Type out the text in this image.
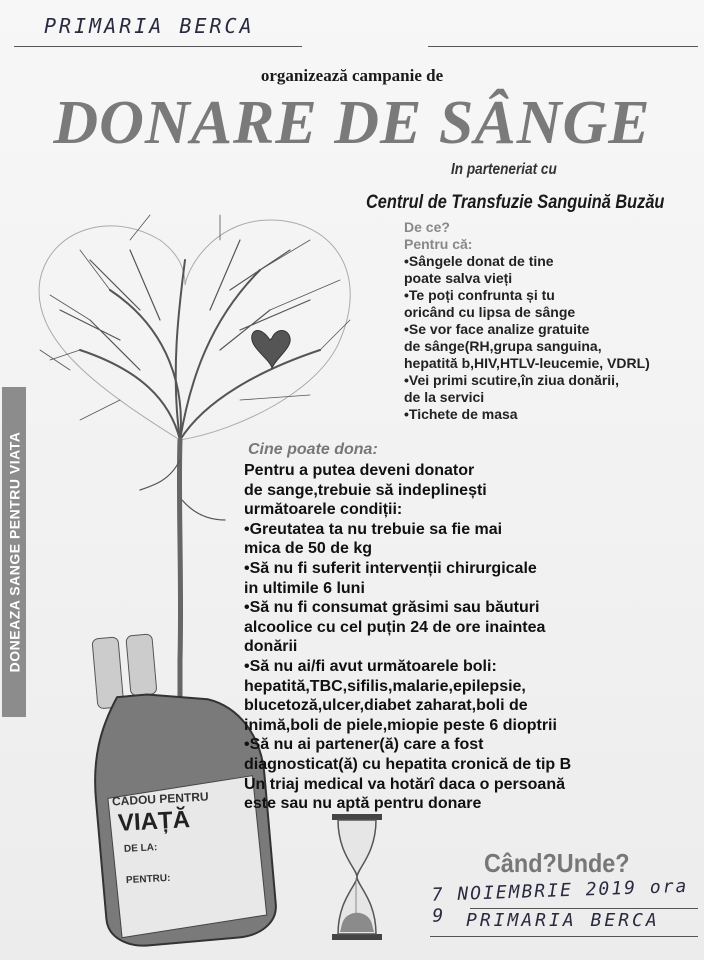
PRIMARIA BERCA
organizează campanie de
DONARE DE SÂNGE
In parteneriat cu
Centrul de Transfuzie Sanguină Buzău
CADOU PENTRU
VIAȚĂ
DE LA:
PENTRU:
De ce?
Pentru că:
•Sângele donat de tine
poate salva vieți
•Te poți confrunta și tu
oricând cu lipsa de sânge
•Se vor face analize gratuite
de sânge(RH,grupa sanguina,
hepatită b,HIV,HTLV-leucemie, VDRL)
•Vei primi scutire,în ziua donării,
de la servici
•Tichete de masa
Cine poate dona:
Pentru a putea deveni donator
de sange,trebuie să indeplinești
următoarele condiții:
•Greutatea ta nu trebuie sa fie mai
mica de 50 de kg
•Să nu fi suferit intervenții chirurgicale
in ultimile 6 luni
•Să nu fi consumat grăsimi sau băuturi
alcoolice cu cel puțin 24 de ore inaintea
donării
•Să nu ai/fi avut următoarele boli:
hepatită,TBC,sifilis,malarie,epilepsie,
blucetoză,ulcer,diabet zaharat,boli de
inimă,boli de piele,miopie peste 6 dioptrii
•Să nu ai partener(ă) care a fost
diagnosticat(ă) cu hepatita cronică de tip B
Un triaj medical va hotărî daca o persoană
este sau nu aptă pentru donare
DONEAZA SANGE PENTRU VIATA
Când?Unde?
7 NOIEMBRIE 2019 ora 9	PRIMARIA BERCA
